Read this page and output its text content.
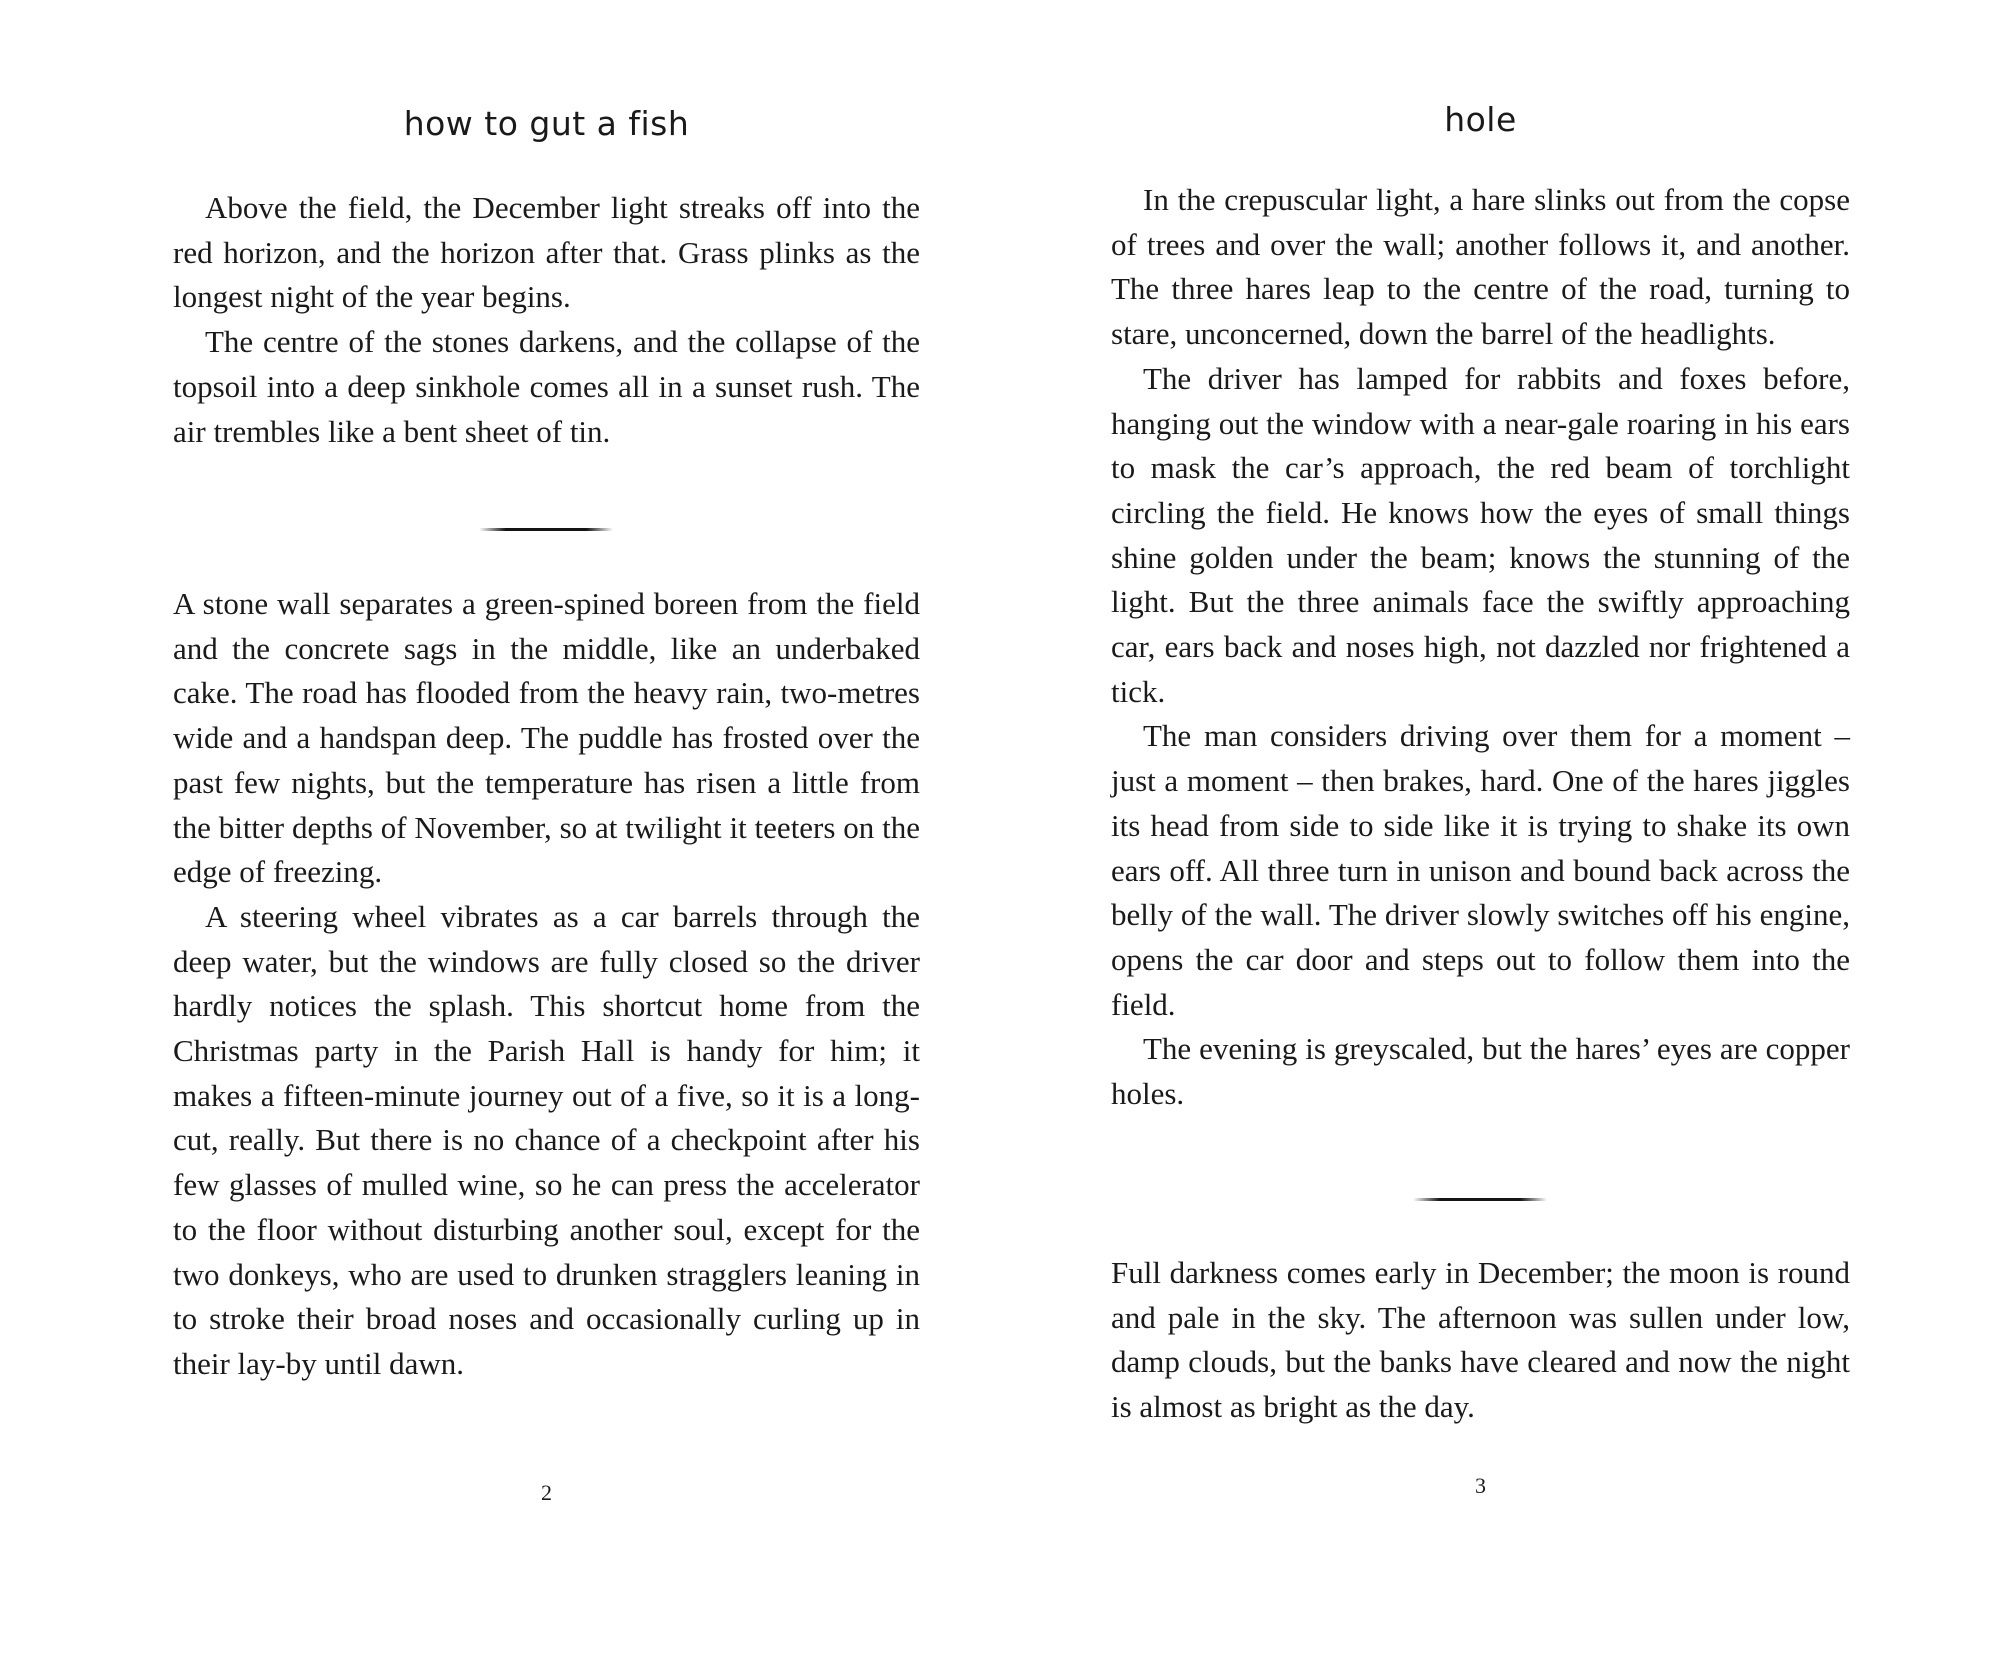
how to gut a fish

Above the field, the December light streaks off into the red horizon, and the horizon after that. Grass plinks as the longest night of the year begins.

The centre of the stones darkens, and the collapse of the topsoil into a deep sinkhole comes all in a sunset rush. The air trembles like a bent sheet of tin.

A stone wall separates a green-spined boreen from the field and the concrete sags in the middle, like an underbaked cake. The road has flooded from the heavy rain, two-metres wide and a handspan deep. The puddle has frosted over the past few nights, but the temperature has risen a little from the bitter depths of November, so at twilight it teeters on the edge of freezing.

A steering wheel vibrates as a car barrels through the deep water, but the windows are fully closed so the driver hardly notices the splash. This shortcut home from the Christmas party in the Parish Hall is handy for him; it makes a fifteen-minute journey out of a five, so it is a long-cut, really. But there is no chance of a checkpoint after his few glasses of mulled wine, so he can press the accelerator to the floor without disturbing another soul, except for the two donkeys, who are used to drunken stragglers leaning in to stroke their broad noses and occasionally curling up in their lay-by until dawn.

2
hole

In the crepuscular light, a hare slinks out from the copse of trees and over the wall; another follows it, and another. The three hares leap to the centre of the road, turning to stare, unconcerned, down the barrel of the headlights.

The driver has lamped for rabbits and foxes before, hanging out the window with a near-gale roaring in his ears to mask the car’s approach, the red beam of torchlight circling the field. He knows how the eyes of small things shine golden under the beam; knows the stunning of the light. But the three animals face the swiftly approaching car, ears back and noses high, not dazzled nor frightened a tick.

The man considers driving over them for a moment – just a moment – then brakes, hard. One of the hares jiggles its head from side to side like it is trying to shake its own ears off. All three turn in unison and bound back across the belly of the wall. The driver slowly switches off his engine, opens the car door and steps out to follow them into the field.

The evening is greyscaled, but the hares’ eyes are copper holes.

Full darkness comes early in December; the moon is round and pale in the sky. The afternoon was sullen under low, damp clouds, but the banks have cleared and now the night is almost as bright as the day.

3
